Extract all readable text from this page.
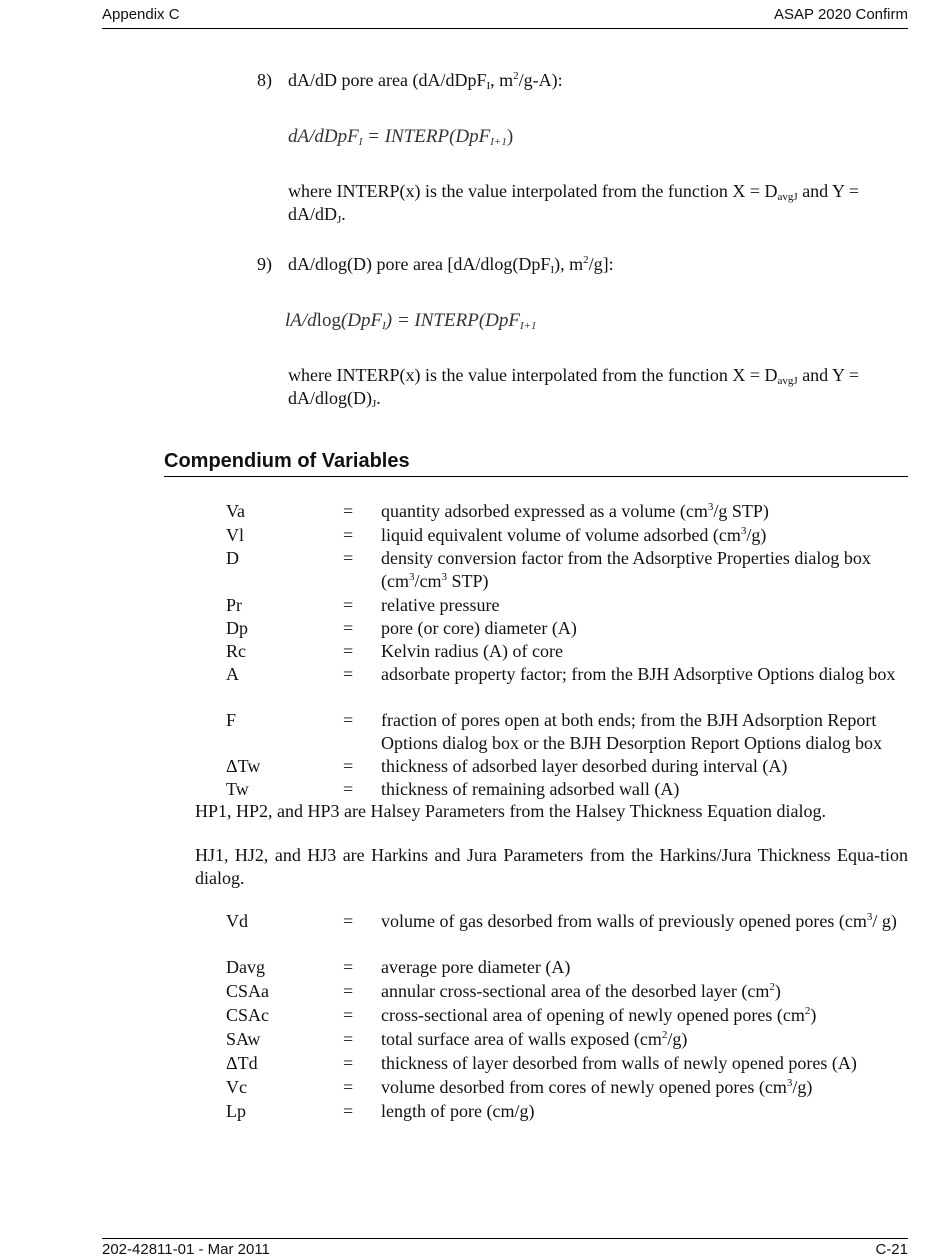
Appendix C	ASAP 2020 Confirm
8) dA/dD pore area (dA/dDpF$_I$, $m^2/g-A$):
dA/dDpF$_I$ = INTERP(DpF$_{I+1}$)
where INTERP(x) is the value interpolated from the function $X = D_{avgJ}$ and Y =
$dA/dD_J$.
9) dA/dlog(D) pore area [dA/dlog(DpF$_I$), $m^2/g$]:
lA/dlog(DpF$_I$) = INTERP(DpF$_{I+1}$
where INTERP(x) is the value interpolated from the function $X = D_{avgJ}$ and Y =
$dA/dlog(D)_J$.
Compendium of Variables
Va	= quantity adsorbed expressed as a volume ($cm^3/g$ STP)
Vl	= liquid equivalent volume of volume adsorbed $(cm^3/g)$
D	= density conversion factor from the Adsorptive Properties dialog box ($cm^3/cm^3$ STP)
Pr	= relative pressure
Dp	= pore (or core) diameter (A)
Rc	= Kelvin radius (A) of core
A	= adsorbate property factor; from the BJH Adsorptive Options dialog box
F	= fraction of pores open at both ends; from the BJH Adsorption Report Options dialog box or the BJH Desorption Report Options dialog box
ΔTw	= thickness of adsorbed layer desorbed during interval (A)
Tw	= thickness of remaining adsorbed wall (A)
HP1, HP2, and HP3 are Halsey Parameters from the Halsey Thickness Equation dialog.
HJ1, HJ2, and HJ3 are Harkins and Jura Parameters from the Harkins/Jura Thickness Equa-tion dialog.
Vd	= volume of gas desorbed from walls of previously opened pores ($cm^3/$ g)
Davg	= average pore diameter (A)
CSAa	= annular cross-sectional area of the desorbed layer $(cm^2)$
CSAc	= cross-sectional area of opening of newly opened pores $(cm^2)$
SAw	= total surface area of walls exposed $(cm^2/g)$
ΔTd	= thickness of layer desorbed from walls of newly opened pores (A)
Vc	= volume desorbed from cores of newly opened pores $(cm^3/g)$
Lp	= length of pore (cm/g)
202-42811-01 - Mar 2011	C-21
